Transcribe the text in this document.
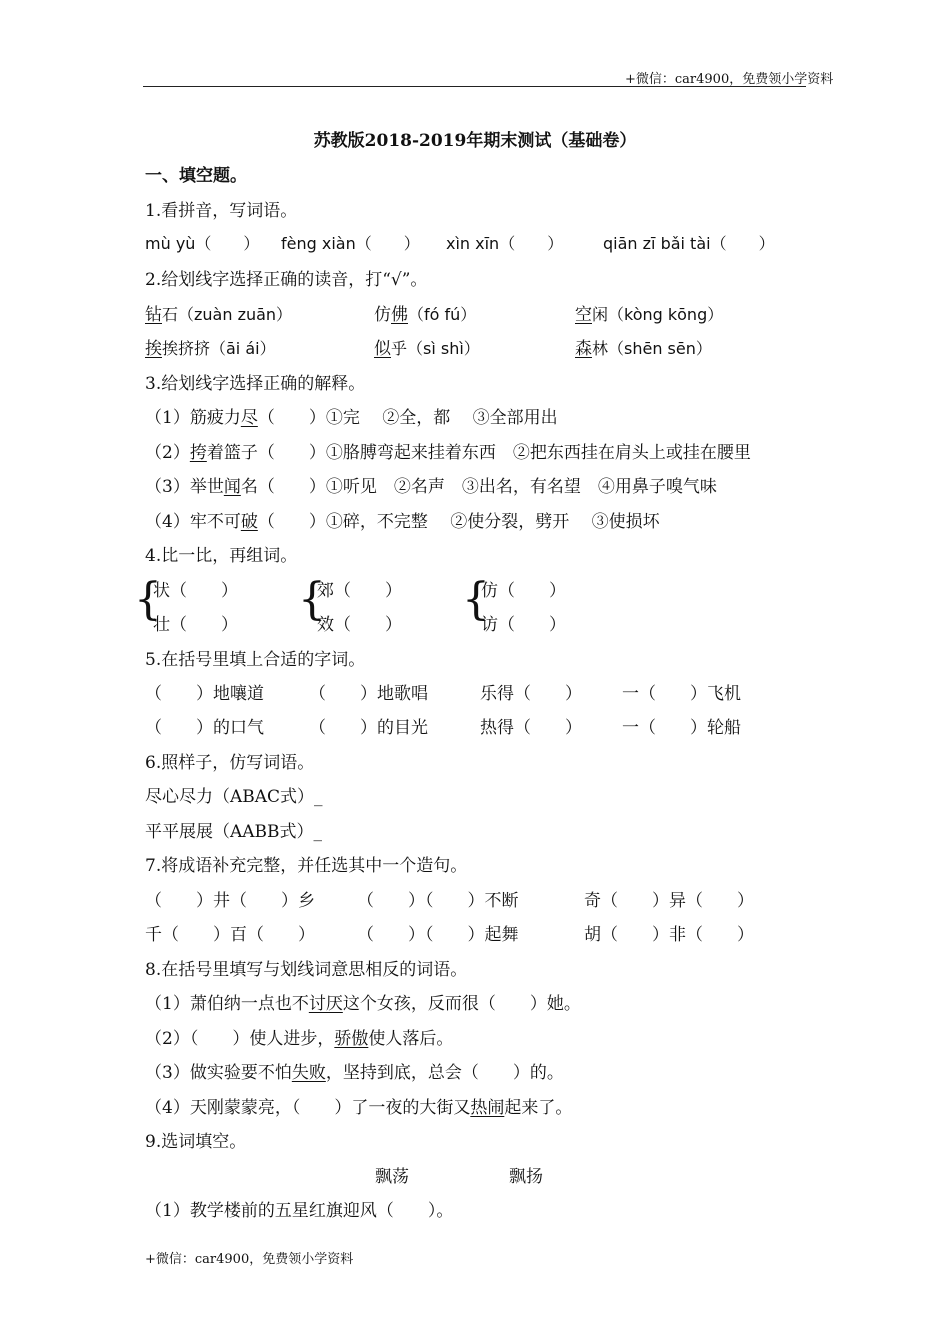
+微信：car4900，免费领小学资料
苏教版2018-2019年期末测试（基础卷）
一、填空题。
1.看拼音，写词语。
mù yù（　　） fèng xiàn（　　） xìn xīn（　　） qiān zī bǎi tài（　　）
2.给划线字选择正确的读音，打“√”。
钻石（zuàn zuān）	仿佛（fó fú）	空闲（kòng kōng）
挨挨挤挤（āi ái）	似乎（sì shì）	森林（shēn sēn）
3.给划线字选择正确的解释。
（1）筋疲力尽（　　）①完　 ②全，都　 ③全部用出
（2）挎着篮子（　　）①胳膊弯起来挂着东西　②把东西挂在肩头上或挂在腰里
（3）举世闻名（　　）①听见　②名声　③出名，有名望　④用鼻子嗅气味
（4）牢不可破（　　）①碎，不完整　 ②使分裂，劈开　 ③使损坏
4.比一比，再组词。
{
状（　　）
壮（　　） {
郊（　　）
效（　　） {
仿（　　）
访（　　）
5.在括号里填上合适的字词。
（　　）地嚷道	（　　）地歌唱	乐得（　　） 一（　　）飞机
（　　）的口气	（　　）的目光	热得（　　） 一（　　）轮船
6.照样子，仿写词语。
尽心尽力（ABAC式）_
平平展展（AABB式）_
7.将成语补充完整，并任选其中一个造句。
（　　）井（　　）乡 （　　）（　　）不断	奇（　　）异（　　）
千（　　）百（　　） （　　）（　　）起舞	胡（　　）非（　　）
8.在括号里填写与划线词意思相反的词语。
（1）萧伯纳一点也不讨厌这个女孩，反而很（　　）她。
（2）（　　）使人进步，骄傲使人落后。
（3）做实验要不怕失败，坚持到底，总会（　　）的。
（4）天刚蒙蒙亮，（　　）了一夜的大街又热闹起来了。
9.选词填空。
飘荡	飘扬
（1）教学楼前的五星红旗迎风（　　）。
+微信：car4900，免费领小学资料
